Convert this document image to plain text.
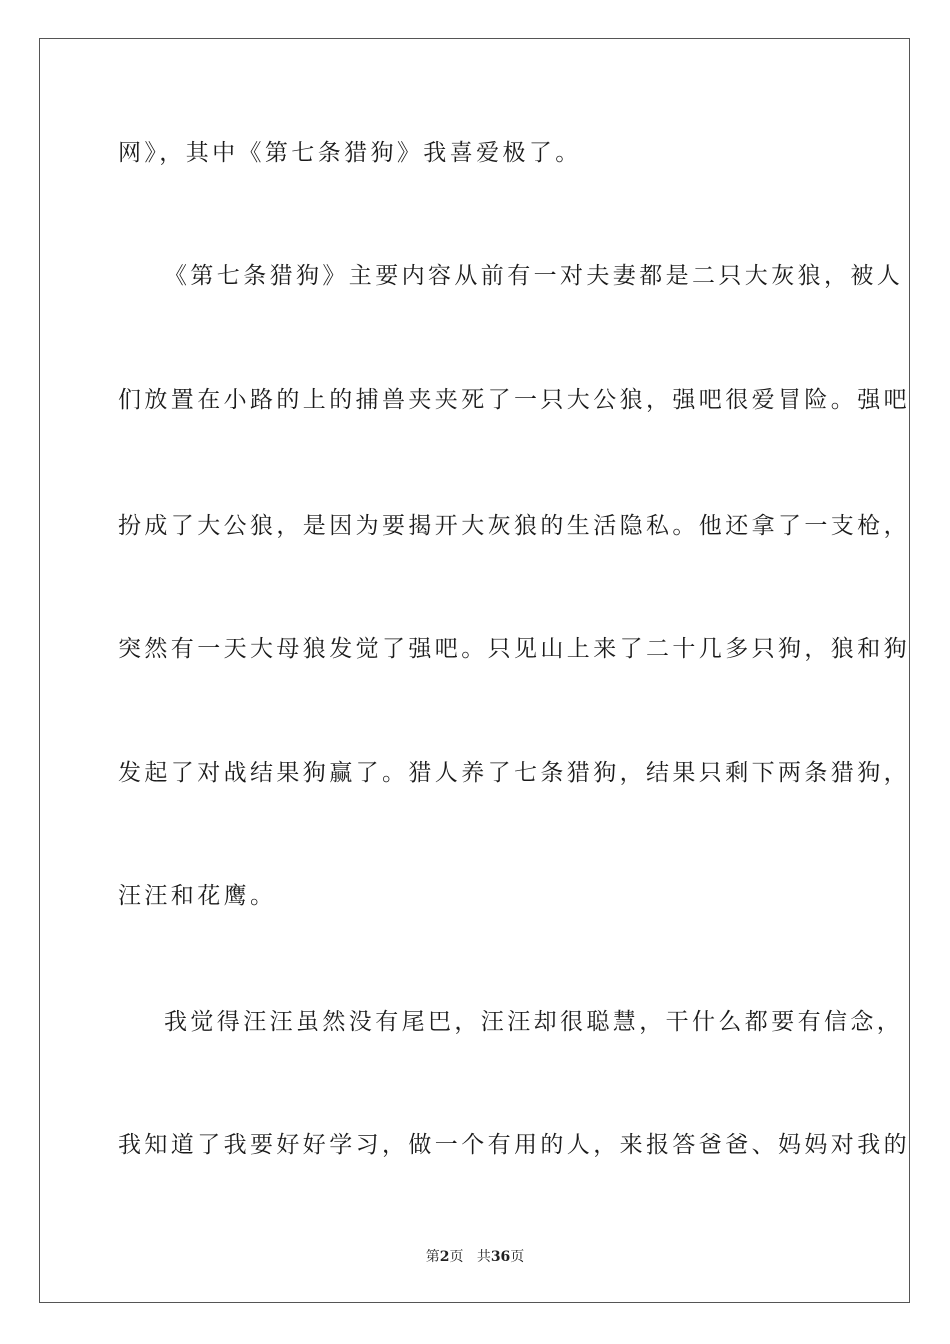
网》，其中《第七条猎狗》我喜爱极了。
《第七条猎狗》主要内容从前有一对夫妻都是二只大灰狼，被人
们放置在小路的上的捕兽夹夹死了一只大公狼，强吧很爱冒险。强吧
扮成了大公狼，是因为要揭开大灰狼的生活隐私。他还拿了一支枪，
突然有一天大母狼发觉了强吧。只见山上来了二十几多只狗，狼和狗
发起了对战结果狗赢了。猎人养了七条猎狗，结果只剩下两条猎狗，
汪汪和花鹰。
我觉得汪汪虽然没有尾巴，汪汪却很聪慧，干什么都要有信念，
我知道了我要好好学习，做一个有用的人，来报答爸爸、妈妈对我的
第2页 共36页
